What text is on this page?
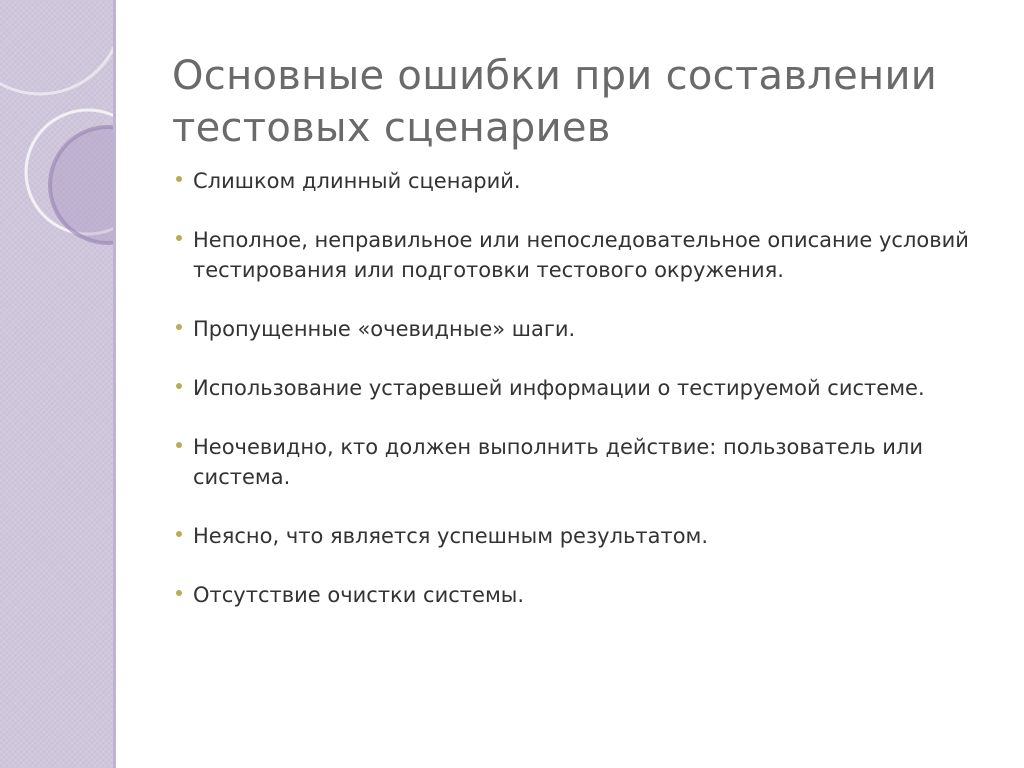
Основные ошибки при составлении тестовых сценариев
Слишком длинный сценарий.
Неполное, неправильное или непоследовательное описание условий тестирования или подготовки тестового окружения.
Пропущенные «очевидные» шаги.
Использование устаревшей информации о тестируемой системе.
Неочевидно, кто должен выполнить действие: пользователь или система.
Неясно, что является успешным результатом.
Отсутствие очистки системы.
